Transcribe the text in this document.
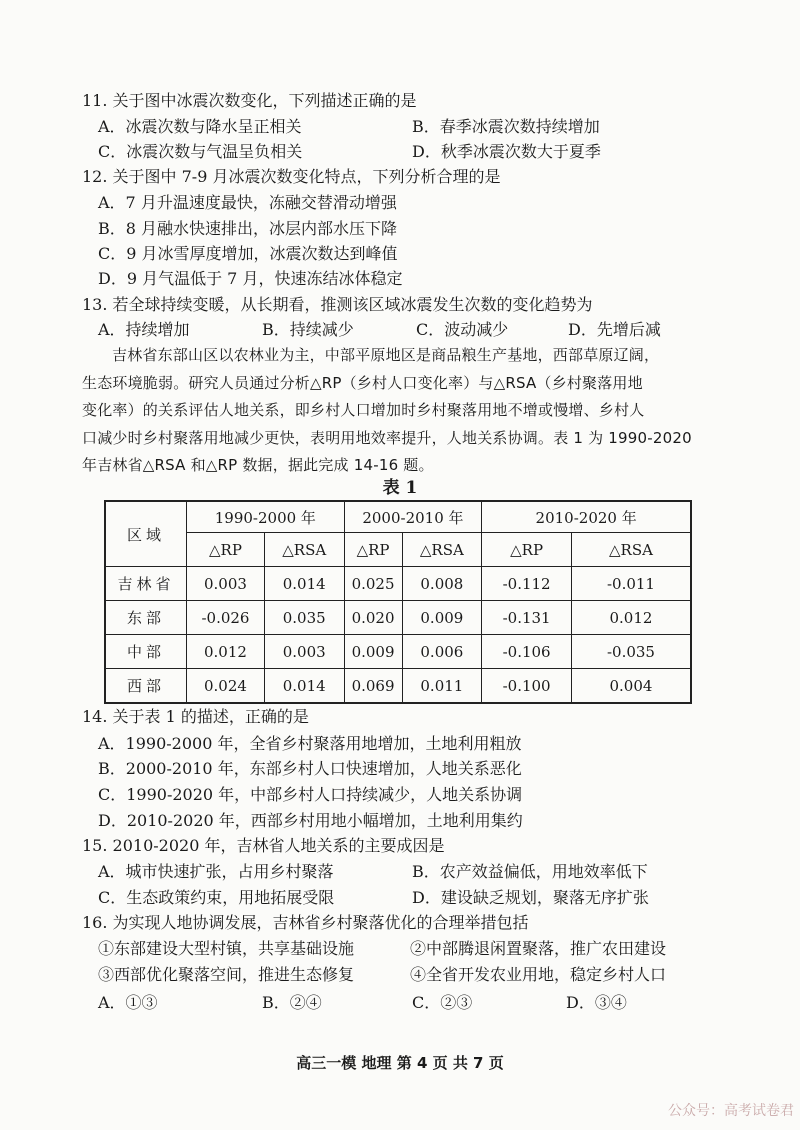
11. 关于图中冰震次数变化，下列描述正确的是
A．冰震次数与降水呈正相关	B．春季冰震次数持续增加
C．冰震次数与气温呈负相关	D．秋季冰震次数大于夏季
12. 关于图中 7-9 月冰震次数变化特点，下列分析合理的是
A．7 月升温速度最快，冻融交替滑动增强
B．8 月融水快速排出，冰层内部水压下降
C．9 月冰雪厚度增加，冰震次数达到峰值
D．9 月气温低于 7 月，快速冻结冰体稳定
13. 若全球持续变暖，从长期看，推测该区域冰震发生次数的变化趋势为
A．持续增加	B．持续减少	C．波动减少	D．先增后减

吉林省东部山区以农林业为主，中部平原地区是商品粮生产基地，西部草原辽阔，

生态环境脆弱。研究人员通过分析△RP（乡村人口变化率）与△RSA（乡村聚落用地

变化率）的关系评估人地关系，即乡村人口增加时乡村聚落用地不增或慢增、乡村人

口减少时乡村聚落用地减少更快，表明用地效率提升，人地关系协调。表 1 为 1990-2020

年吉林省△RSA 和△RP 数据，据此完成 14-16 题。

表 1
区域	1990-2000 年		2000-2010 年		2010-2020 年	
	△RP	△RSA	△RP	△RSA	△RP	△RSA
吉林省	0.003	0.014	0.025	0.008	-0.112	-0.011
东部	-0.026	0.035	0.020	0.009	-0.131	0.012
中部	0.012	0.003	0.009	0.006	-0.106	-0.035
西部	0.024	0.014	0.069	0.011	-0.100	0.004
14. 关于表 1 的描述，正确的是
A．1990-2000 年，全省乡村聚落用地增加，土地利用粗放
B．2000-2010 年，东部乡村人口快速增加，人地关系恶化
C．1990-2020 年，中部乡村人口持续减少，人地关系协调
D．2010-2020 年，西部乡村用地小幅增加，土地利用集约
15. 2010-2020 年，吉林省人地关系的主要成因是
A．城市快速扩张，占用乡村聚落	B．农产效益偏低，用地效率低下
C．生态政策约束，用地拓展受限	D．建设缺乏规划，聚落无序扩张
16. 为实现人地协调发展，吉林省乡村聚落优化的合理举措包括
①东部建设大型村镇，共享基础设施	②中部腾退闲置聚落，推广农田建设
③西部优化聚落空间，推进生态修复	④全省开发农业用地，稳定乡村人口
A．①③	B．②④	C．②③	D．③④
高三一模 地理 第 4 页 共 7 页
公众号：高考试卷君
